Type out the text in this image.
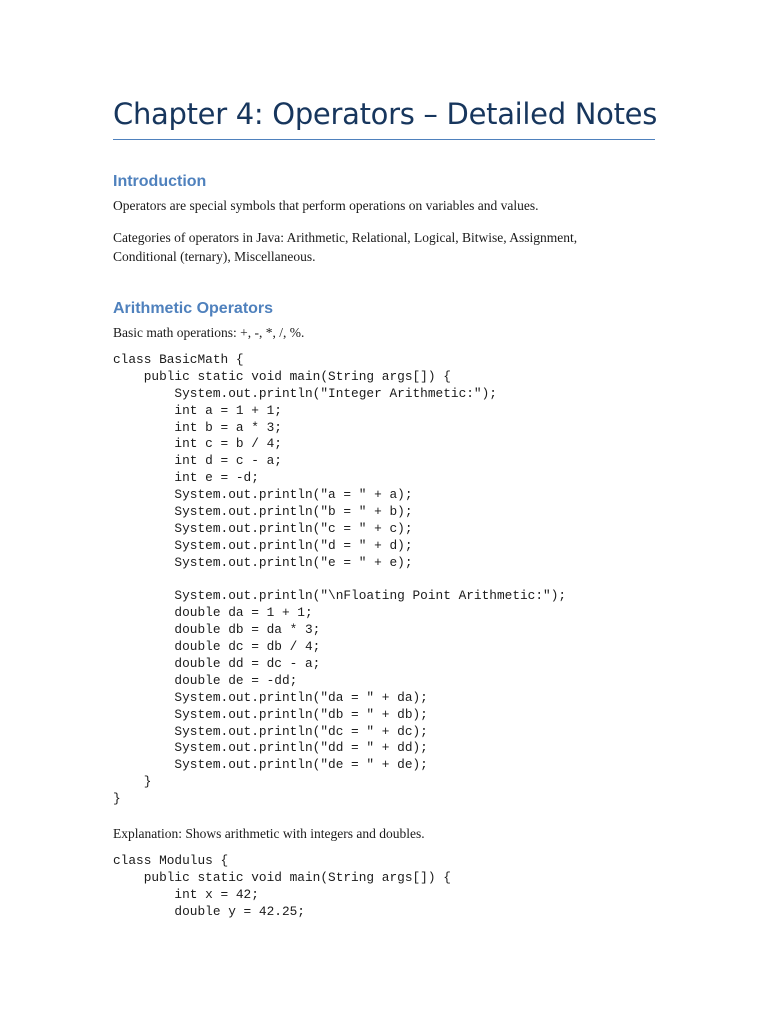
Chapter 4: Operators – Detailed Notes
Introduction

Operators are special symbols that perform operations on variables and values.

Categories of operators in Java: Arithmetic, Relational, Logical, Bitwise, Assignment, Conditional (ternary), Miscellaneous.

Arithmetic Operators

Basic math operations: +, -, *, /, %.

class BasicMath {
public static void main(String args[]) {
System.out.println("Integer Arithmetic:");
int a = 1 + 1;
int b = a * 3;
int c = b / 4;
int d = c - a;
int e = -d;
System.out.println("a = " + a);
System.out.println("b = " + b);
System.out.println("c = " + c);
System.out.println("d = " + d);
System.out.println("e = " + e);
System.out.println("\nFloating Point Arithmetic:");
double da = 1 + 1;
double db = da * 3;
double dc = db / 4;
double dd = dc - a;
double de = -dd;
System.out.println("da = " + da);
System.out.println("db = " + db);
System.out.println("dc = " + dc);
System.out.println("dd = " + dd);
System.out.println("de = " + de);
}
}

Explanation: Shows arithmetic with integers and doubles.

class Modulus {
public static void main(String args[]) {
int x = 42;
double y = 42.25;
